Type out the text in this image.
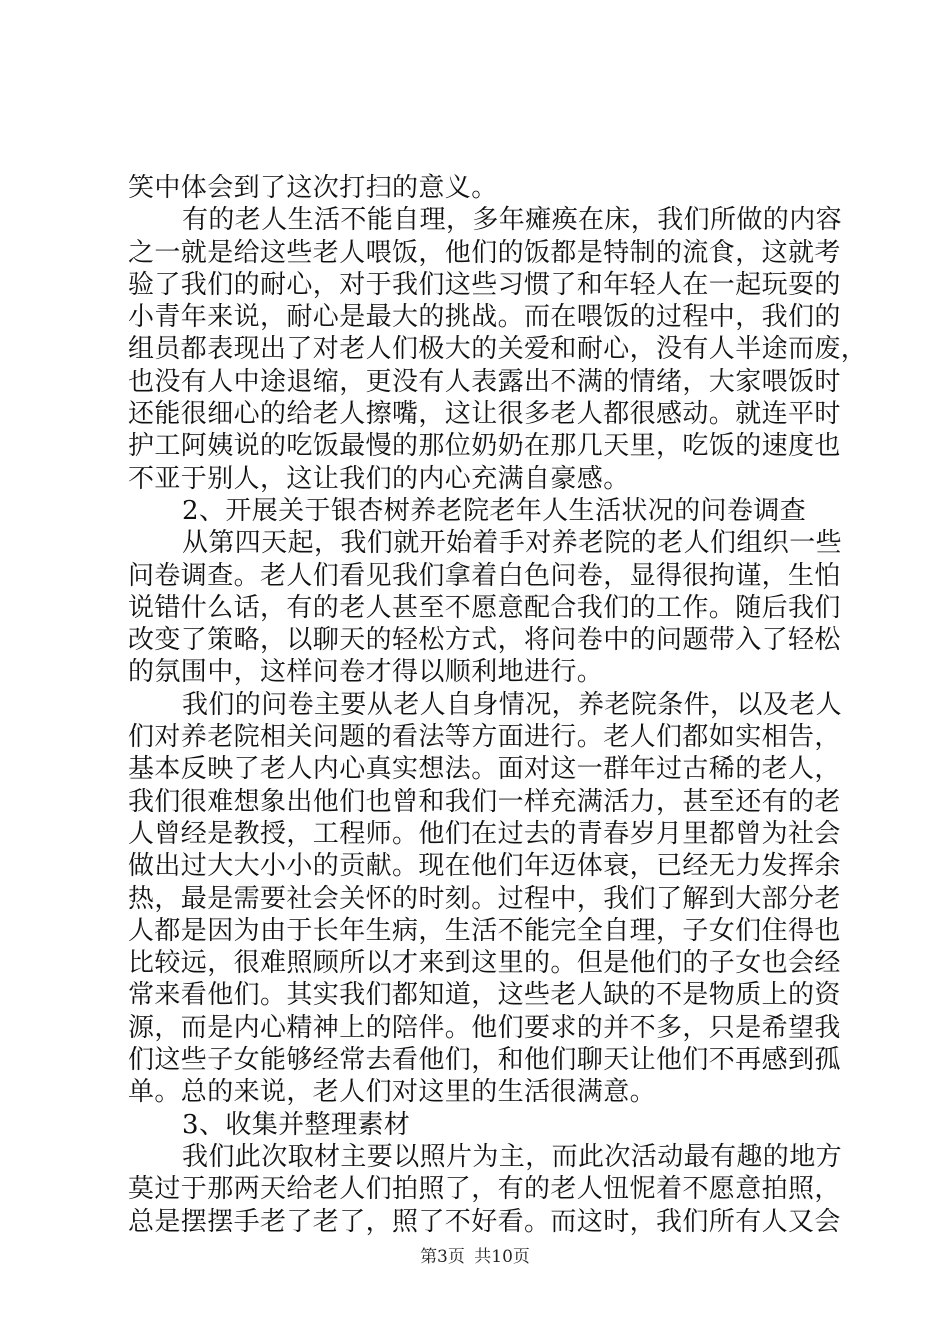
笑中体会到了这次打扫的意义。
有的老人生活不能自理，多年瘫痪在床，我们所做的内容
之一就是给这些老人喂饭，他们的饭都是特制的流食，这就考
验了我们的耐心，对于我们这些习惯了和年轻人在一起玩耍的
小青年来说，耐心是最大的挑战。而在喂饭的过程中，我们的
组员都表现出了对老人们极大的关爱和耐心，没有人半途而废，
也没有人中途退缩，更没有人表露出不满的情绪，大家喂饭时
还能很细心的给老人擦嘴，这让很多老人都很感动。就连平时
护工阿姨说的吃饭最慢的那位奶奶在那几天里，吃饭的速度也
不亚于别人，这让我们的内心充满自豪感。
2、开展关于银杏树养老院老年人生活状况的问卷调查
从第四天起，我们就开始着手对养老院的老人们组织一些
问卷调查。老人们看见我们拿着白色问卷，显得很拘谨，生怕
说错什么话，有的老人甚至不愿意配合我们的工作。随后我们
改变了策略，以聊天的轻松方式，将问卷中的问题带入了轻松
的氛围中，这样问卷才得以顺利地进行。
我们的问卷主要从老人自身情况，养老院条件，以及老人
们对养老院相关问题的看法等方面进行。老人们都如实相告，
基本反映了老人内心真实想法。面对这一群年过古稀的老人，
我们很难想象出他们也曾和我们一样充满活力，甚至还有的老
人曾经是教授，工程师。他们在过去的青春岁月里都曾为社会
做出过大大小小的贡献。现在他们年迈体衰，已经无力发挥余
热，最是需要社会关怀的时刻。过程中，我们了解到大部分老
人都是因为由于长年生病，生活不能完全自理，子女们住得也
比较远，很难照顾所以才来到这里的。但是他们的子女也会经
常来看他们。其实我们都知道，这些老人缺的不是物质上的资
源，而是内心精神上的陪伴。他们要求的并不多，只是希望我
们这些子女能够经常去看他们，和他们聊天让他们不再感到孤
单。总的来说，老人们对这里的生活很满意。
3、收集并整理素材
我们此次取材主要以照片为主，而此次活动最有趣的地方
莫过于那两天给老人们拍照了，有的老人忸怩着不愿意拍照，
总是摆摆手老了老了，照了不好看。而这时，我们所有人又会
第3页 共10页
